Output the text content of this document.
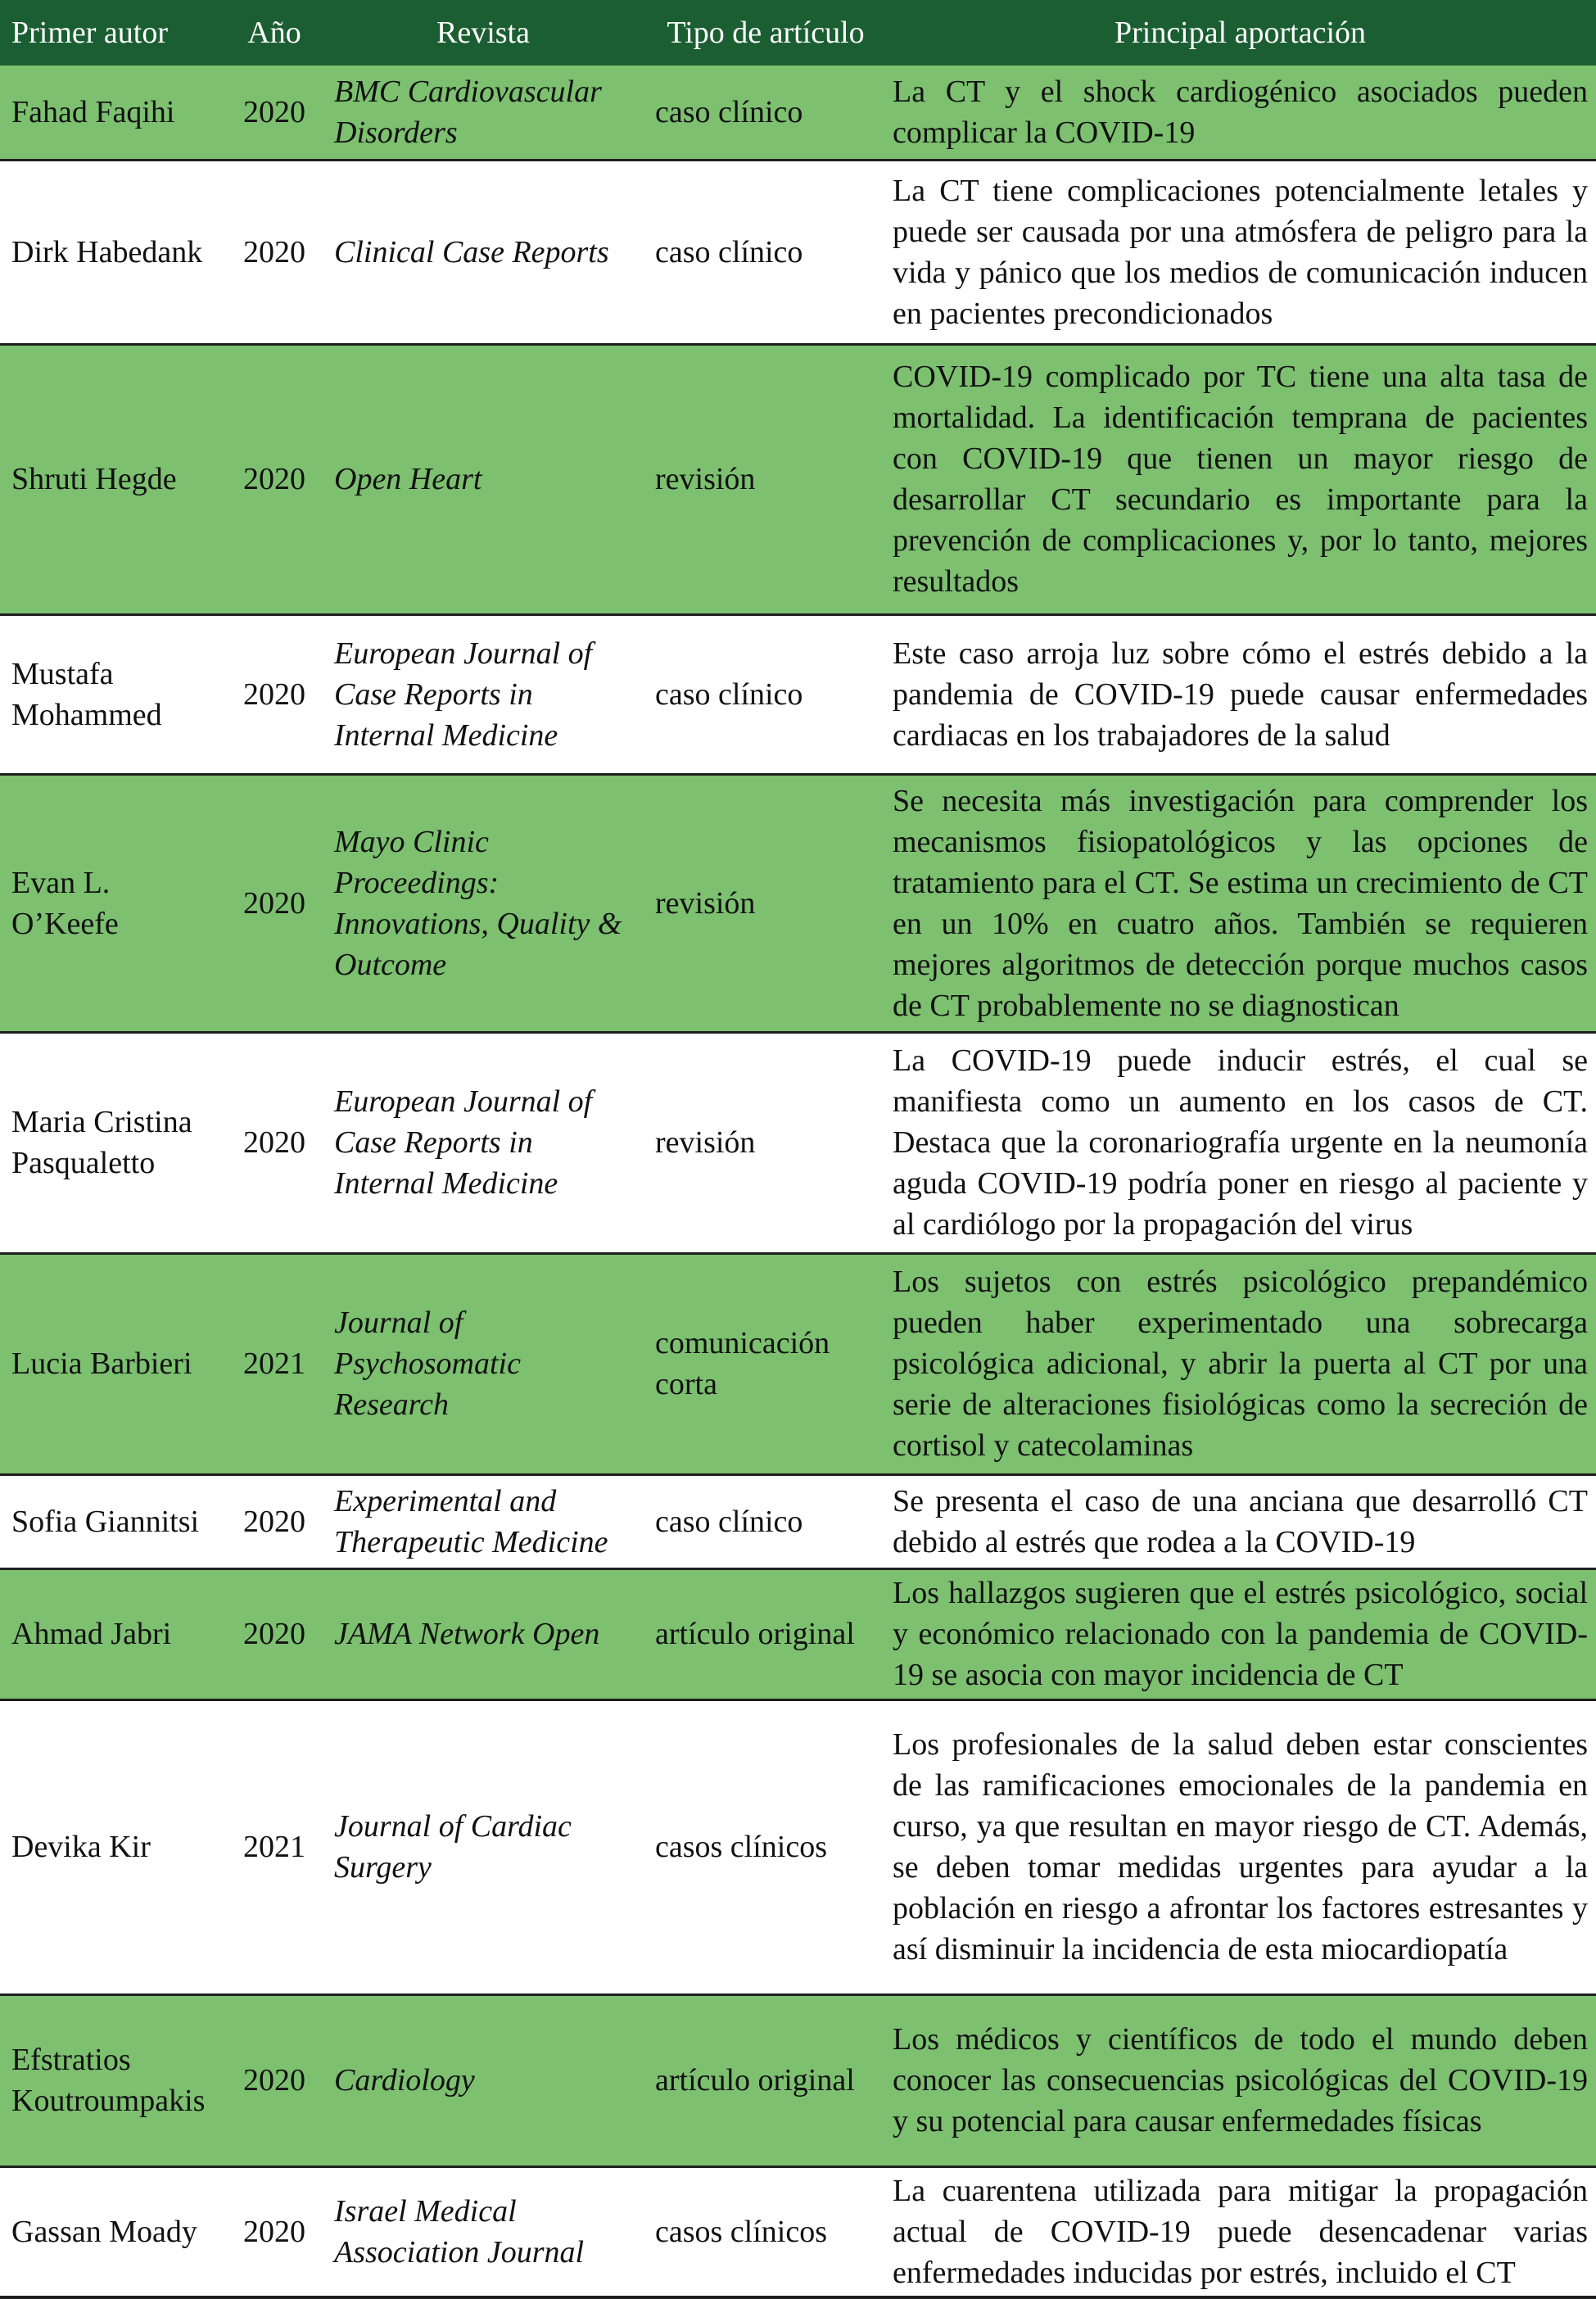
Primer autor	Año	Revista	Tipo de artículo	Principal aportación
Fahad Faqihi	2020	BMC Cardiovascular Disorders	caso clínico	La CT y el shock cardiogénico asociados pueden complicar la COVID-19
Dirk Habedank	2020	Clinical Case Reports	caso clínico	La CT tiene complicaciones potencialmente letales y puede ser causada por una atmósfera de peligro para la vida y pánico que los medios de comunicación inducen en pacientes precondicionados
Shruti Hegde	2020	Open Heart	revisión	COVID-19 complicado por TC tiene una alta tasa de mortalidad. La identificación temprana de pacientes con COVID-19 que tienen un mayor riesgo de desarrollar CT secundario es importante para la prevención de complicaciones y, por lo tanto, mejores resultados
Mustafa Mohammed	2020	European Journal of Case Reports in Internal Medicine	caso clínico	Este caso arroja luz sobre cómo el estrés debido a la pandemia de COVID-19 puede causar enfermedades cardiacas en los trabajadores de la salud
Evan L. O’Keefe	2020	Mayo Clinic Proceedings: Innovations, Quality & Outcome	revisión	Se necesita más investigación para comprender los mecanismos fisiopatológicos y las opciones de tratamiento para el CT. Se estima un crecimiento de CT en un 10% en cuatro años. También se requieren mejores algoritmos de detección porque muchos casos de CT probablemente no se diagnostican
Maria Cristina Pasqualetto	2020	European Journal of Case Reports in Internal Medicine	revisión	La COVID-19 puede inducir estrés, el cual se manifiesta como un aumento en los casos de CT. Destaca que la coronariografía urgente en la neumonía aguda COVID-19 podría poner en riesgo al paciente y al cardiólogo por la propagación del virus
Lucia Barbieri	2021	Journal of Psychosomatic Research	comunicación corta	Los sujetos con estrés psicológico prepandémico pueden haber experimentado una sobrecarga psicológica adicional, y abrir la puerta al CT por una serie de alteraciones fisiológicas como la secreción de cortisol y catecolaminas
Sofia Giannitsi	2020	Experimental and Therapeutic Medicine	caso clínico	Se presenta el caso de una anciana que desarrolló CT debido al estrés que rodea a la COVID-19
Ahmad Jabri	2020	JAMA Network Open	artículo original	Los hallazgos sugieren que el estrés psicológico, social y económico relacionado con la pandemia de COVID-19 se asocia con mayor incidencia de CT
Devika Kir	2021	Journal of Cardiac Surgery	casos clínicos	Los profesionales de la salud deben estar conscientes de las ramificaciones emocionales de la pandemia en curso, ya que resultan en mayor riesgo de CT. Además, se deben tomar medidas urgentes para ayudar a la población en riesgo a afrontar los factores estresantes y así disminuir la incidencia de esta miocardiopatía
Efstratios Koutroumpakis	2020	Cardiology	artículo original	Los médicos y científicos de todo el mundo deben conocer las consecuencias psicológicas del COVID-19 y su potencial para causar enfermedades físicas
Gassan Moady	2020	Israel Medical Association Journal	casos clínicos	La cuarentena utilizada para mitigar la propagación actual de COVID-19 puede desencadenar varias enfermedades inducidas por estrés, incluido el CT
